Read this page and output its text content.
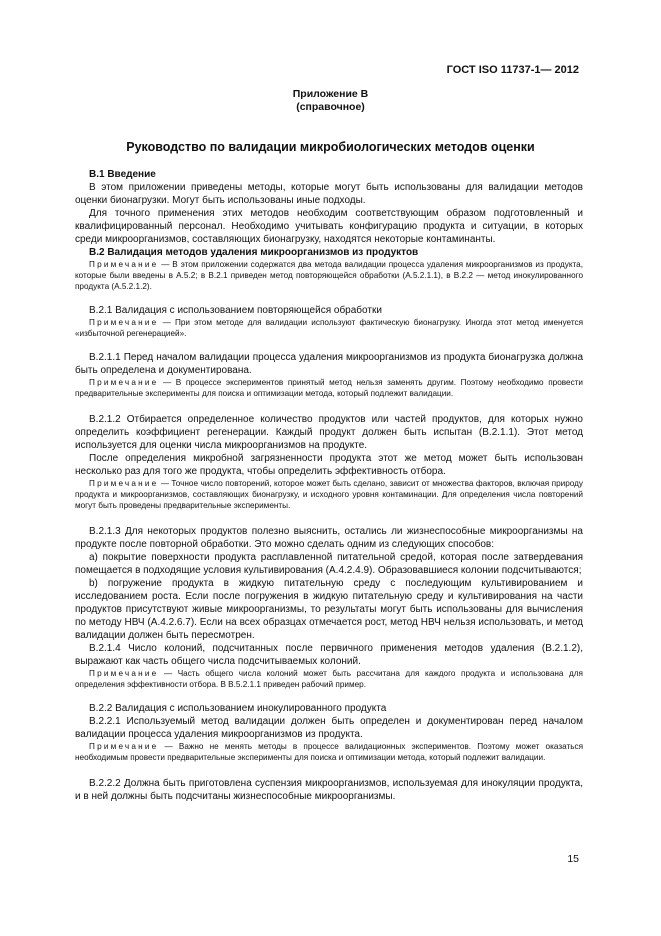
ГОСТ ISO 11737-1— 2012
Приложение В
(справочное)
Руководство по валидации микробиологических методов оценки

В.1 Введение

В этом приложении приведены методы, которые могут быть использованы для валидации методов оценки бионагрузки. Могут быть использованы иные подходы.

Для точного применения этих методов необходим соответствующим образом подготовленный и квалифицированный персонал. Необходимо учитывать конфигурацию продукта и ситуации, в которых среди микроорганизмов, составляющих бионагрузку, находятся некоторые контаминанты.

В.2 Валидация методов удаления микроорганизмов из продуктов

Примечание — В этом приложении содержатся два метода валидации процесса удаления микроорганизмов из продукта, которые были введены в А.5.2; в В.2.1 приведен метод повторяющейся обработки (А.5.2.1.1), в В.2.2 — метод инокулированного продукта (А.5.2.1.2).

В.2.1 Валидация с использованием повторяющейся обработки

Примечание — При этом методе для валидации используют фактическую бионагрузку. Иногда этот метод именуется «избыточной регенерацией».

В.2.1.1 Перед началом валидации процесса удаления микроорганизмов из продукта бионагрузка должна быть определена и документирована.

Примечание — В процессе экспериментов принятый метод нельзя заменять другим. Поэтому необходимо провести предварительные эксперименты для поиска и оптимизации метода, который подлежит валидации.

В.2.1.2 Отбирается определенное количество продуктов или частей продуктов, для которых нужно определить коэффициент регенерации. Каждый продукт должен быть испытан (В.2.1.1). Этот метод используется для оценки числа микроорганизмов на продукте.

После определения микробной загрязненности продукта этот же метод может быть использован несколько раз для того же продукта, чтобы определить эффективность отбора.

Примечание — Точное число повторений, которое может быть сделано, зависит от множества факторов, включая природу продукта и микроорганизмов, составляющих бионагрузку, и исходного уровня контаминации. Для определения числа повторений могут быть проведены предварительные эксперименты.

В.2.1.3 Для некоторых продуктов полезно выяснить, остались ли жизнеспособные микроорганизмы на продукте после повторной обработки. Это можно сделать одним из следующих способов:

а) покрытие поверхности продукта расплавленной питательной средой, которая после затвердевания помещается в подходящие условия культивирования (А.4.2.4.9). Образовавшиеся колонии подсчитываются;

b) погружение продукта в жидкую питательную среду с последующим культивированием и исследованием роста. Если после погружения в жидкую питательную среду и культивирования на части продуктов присутствуют живые микроорганизмы, то результаты могут быть использованы для вычисления по методу НВЧ (А.4.2.6.7). Если на всех образцах отмечается рост, метод НВЧ нельзя использовать, и метод валидации должен быть пересмотрен.

В.2.1.4 Число колоний, подсчитанных после первичного применения методов удаления (В.2.1.2), выражают как часть общего числа подсчитываемых колоний.

Примечание — Часть общего числа колоний может быть рассчитана для каждого продукта и использована для определения эффективности отбора. В В.5.2.1.1 приведен рабочий пример.

В.2.2 Валидация с использованием инокулированного продукта

В.2.2.1 Используемый метод валидации должен быть определен и документирован перед началом валидации процесса удаления микроорганизмов из продукта.

Примечание — Важно не менять методы в процессе валидационных экспериментов. Поэтому может оказаться необходимым провести предварительные эксперименты для поиска и оптимизации метода, который подлежит валидации.

В.2.2.2 Должна быть приготовлена суспензия микроорганизмов, используемая для инокуляции продукта, и в ней должны быть подсчитаны жизнеспособные микроорганизмы.

15
